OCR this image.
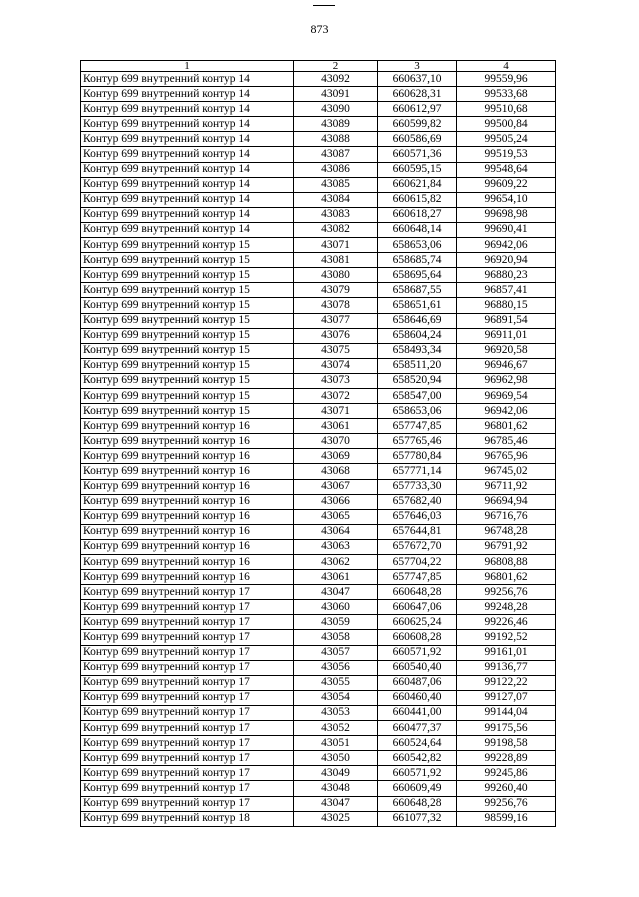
873
1	2	3	4
Контур 699 внутренний контур 14	43092	660637,10	99559,96
Контур 699 внутренний контур 14	43091	660628,31	99533,68
Контур 699 внутренний контур 14	43090	660612,97	99510,68
Контур 699 внутренний контур 14	43089	660599,82	99500,84
Контур 699 внутренний контур 14	43088	660586,69	99505,24
Контур 699 внутренний контур 14	43087	660571,36	99519,53
Контур 699 внутренний контур 14	43086	660595,15	99548,64
Контур 699 внутренний контур 14	43085	660621,84	99609,22
Контур 699 внутренний контур 14	43084	660615,82	99654,10
Контур 699 внутренний контур 14	43083	660618,27	99698,98
Контур 699 внутренний контур 14	43082	660648,14	99690,41
Контур 699 внутренний контур 15	43071	658653,06	96942,06
Контур 699 внутренний контур 15	43081	658685,74	96920,94
Контур 699 внутренний контур 15	43080	658695,64	96880,23
Контур 699 внутренний контур 15	43079	658687,55	96857,41
Контур 699 внутренний контур 15	43078	658651,61	96880,15
Контур 699 внутренний контур 15	43077	658646,69	96891,54
Контур 699 внутренний контур 15	43076	658604,24	96911,01
Контур 699 внутренний контур 15	43075	658493,34	96920,58
Контур 699 внутренний контур 15	43074	658511,20	96946,67
Контур 699 внутренний контур 15	43073	658520,94	96962,98
Контур 699 внутренний контур 15	43072	658547,00	96969,54
Контур 699 внутренний контур 15	43071	658653,06	96942,06
Контур 699 внутренний контур 16	43061	657747,85	96801,62
Контур 699 внутренний контур 16	43070	657765,46	96785,46
Контур 699 внутренний контур 16	43069	657780,84	96765,96
Контур 699 внутренний контур 16	43068	657771,14	96745,02
Контур 699 внутренний контур 16	43067	657733,30	96711,92
Контур 699 внутренний контур 16	43066	657682,40	96694,94
Контур 699 внутренний контур 16	43065	657646,03	96716,76
Контур 699 внутренний контур 16	43064	657644,81	96748,28
Контур 699 внутренний контур 16	43063	657672,70	96791,92
Контур 699 внутренний контур 16	43062	657704,22	96808,88
Контур 699 внутренний контур 16	43061	657747,85	96801,62
Контур 699 внутренний контур 17	43047	660648,28	99256,76
Контур 699 внутренний контур 17	43060	660647,06	99248,28
Контур 699 внутренний контур 17	43059	660625,24	99226,46
Контур 699 внутренний контур 17	43058	660608,28	99192,52
Контур 699 внутренний контур 17	43057	660571,92	99161,01
Контур 699 внутренний контур 17	43056	660540,40	99136,77
Контур 699 внутренний контур 17	43055	660487,06	99122,22
Контур 699 внутренний контур 17	43054	660460,40	99127,07
Контур 699 внутренний контур 17	43053	660441,00	99144,04
Контур 699 внутренний контур 17	43052	660477,37	99175,56
Контур 699 внутренний контур 17	43051	660524,64	99198,58
Контур 699 внутренний контур 17	43050	660542,82	99228,89
Контур 699 внутренний контур 17	43049	660571,92	99245,86
Контур 699 внутренний контур 17	43048	660609,49	99260,40
Контур 699 внутренний контур 17	43047	660648,28	99256,76
Контур 699 внутренний контур 18	43025	661077,32	98599,16
